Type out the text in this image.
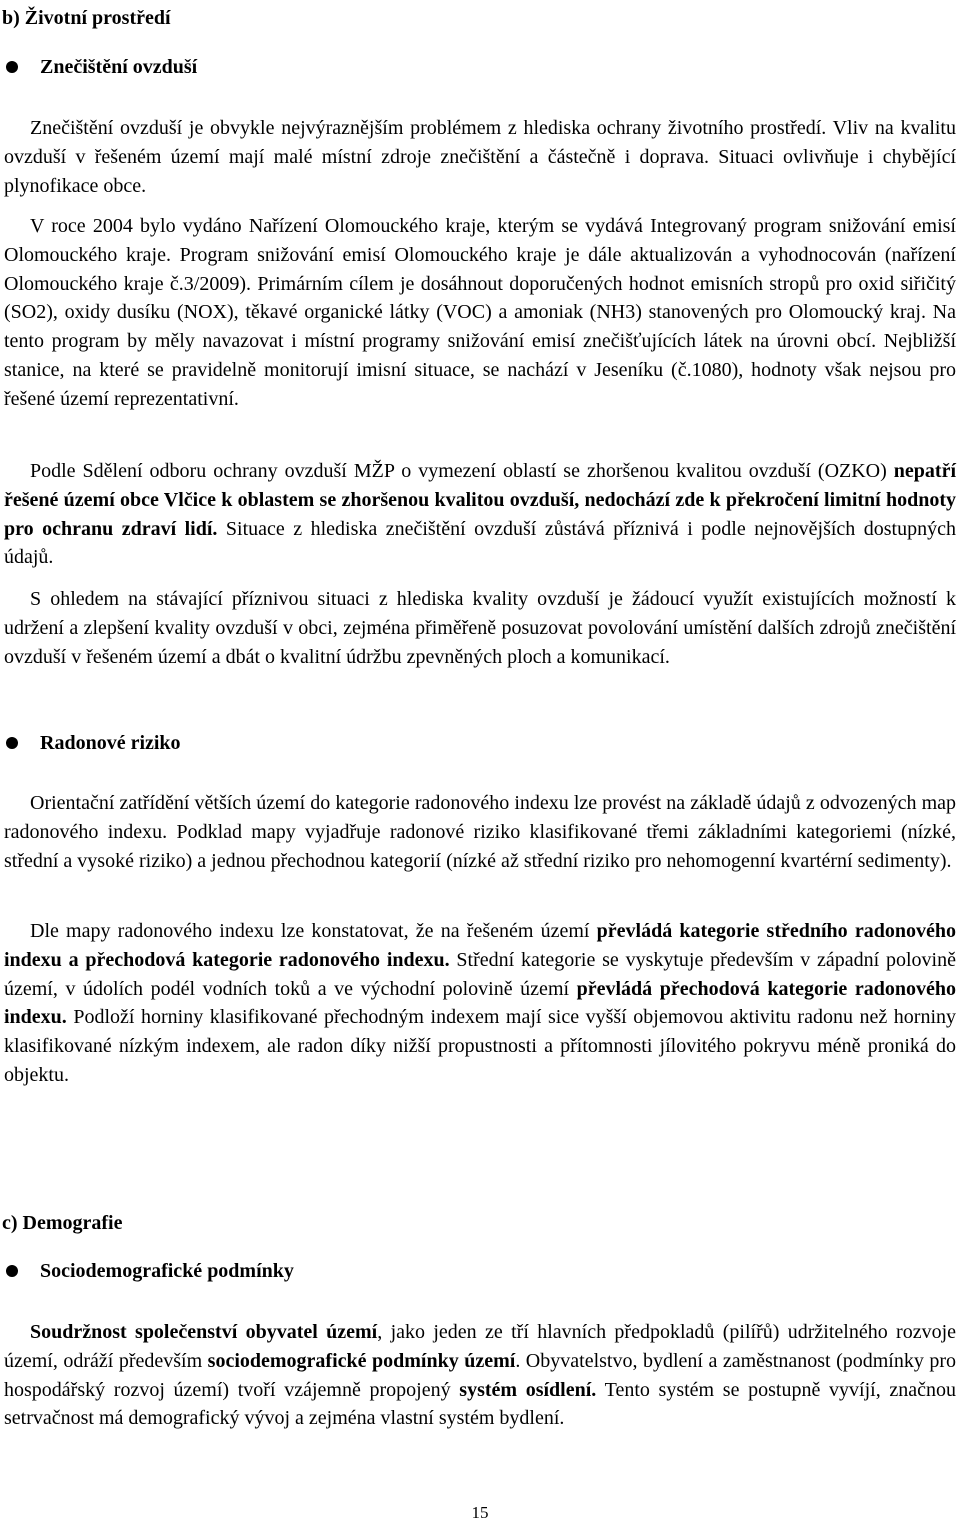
b) Životní prostředí
Znečištění ovzduší

Znečištění ovzduší je obvykle nejvýraznějším problémem z hlediska ochrany životního prostředí. Vliv na kvalitu ovzduší v řešeném území mají malé místní zdroje znečištění a částečně i doprava. Situaci ovlivňuje i chybějící plynofikace obce.

V roce 2004 bylo vydáno Nařízení Olomouckého kraje, kterým se vydává Integrovaný program snižování emisí Olomouckého kraje. Program snižování emisí Olomouckého kraje je dále aktualizován a vyhodnocován (nařízení Olomouckého kraje č.3/2009). Primárním cílem je dosáhnout doporučených hodnot emisních stropů pro oxid siřičitý (SO2), oxidy dusíku (NOX), těkavé organické látky (VOC) a amoniak (NH3) stanovených pro Olomoucký kraj. Na tento program by měly navazovat i místní programy snižování emisí znečišťujících látek na úrovni obcí. Nejbližší stanice, na které se pravidelně monitorují imisní situace, se nachází v Jeseníku (č.1080), hodnoty však nejsou pro řešené území reprezentativní.

Podle Sdělení odboru ochrany ovzduší MŽP o vymezení oblastí se zhoršenou kvalitou ovzduší (OZKO) nepatří řešené území obce Vlčice k oblastem se zhoršenou kvalitou ovzduší, nedochází zde k překročení limitní hodnoty pro ochranu zdraví lidí. Situace z hlediska znečištění ovzduší zůstává příznivá i podle nejnovějších dostupných údajů.

S ohledem na stávající příznivou situaci z hlediska kvality ovzduší je žádoucí využít existujících možností k udržení a zlepšení kvality ovzduší v obci, zejména přiměřeně posuzovat povolování umístění dalších zdrojů znečištění ovzduší v řešeném území a dbát o kvalitní údržbu zpevněných ploch a komunikací.

Radonové riziko

Orientační zatřídění větších území do kategorie radonového indexu lze provést na základě údajů z odvozených map radonového indexu. Podklad mapy vyjadřuje radonové riziko klasifikované třemi základními kategoriemi (nízké, střední a vysoké riziko) a jednou přechodnou kategorií (nízké až střední riziko pro nehomogenní kvartérní sedimenty).

Dle mapy radonového indexu lze konstatovat, že na řešeném území převládá kategorie středního radonového indexu a přechodová kategorie radonového indexu. Střední kategorie se vyskytuje především v západní polovině území, v údolích podél vodních toků a ve východní polovině území převládá přechodová kategorie radonového indexu. Podloží horniny klasifikované přechodným indexem mají sice vyšší objemovou aktivitu radonu než horniny klasifikované nízkým indexem, ale radon díky nižší propustnosti a přítomnosti jílovitého pokryvu méně proniká do objektu.

c) Demografie
Sociodemografické podmínky

Soudržnost společenství obyvatel území, jako jeden ze tří hlavních předpokladů (pilířů) udržitelného rozvoje území, odráží především sociodemografické podmínky území. Obyvatelstvo, bydlení a zaměstnanost (podmínky pro hospodářský rozvoj území) tvoří vzájemně propojený systém osídlení. Tento systém se postupně vyvíjí, značnou setrvačnost má demografický vývoj a zejména vlastní systém bydlení.

15
